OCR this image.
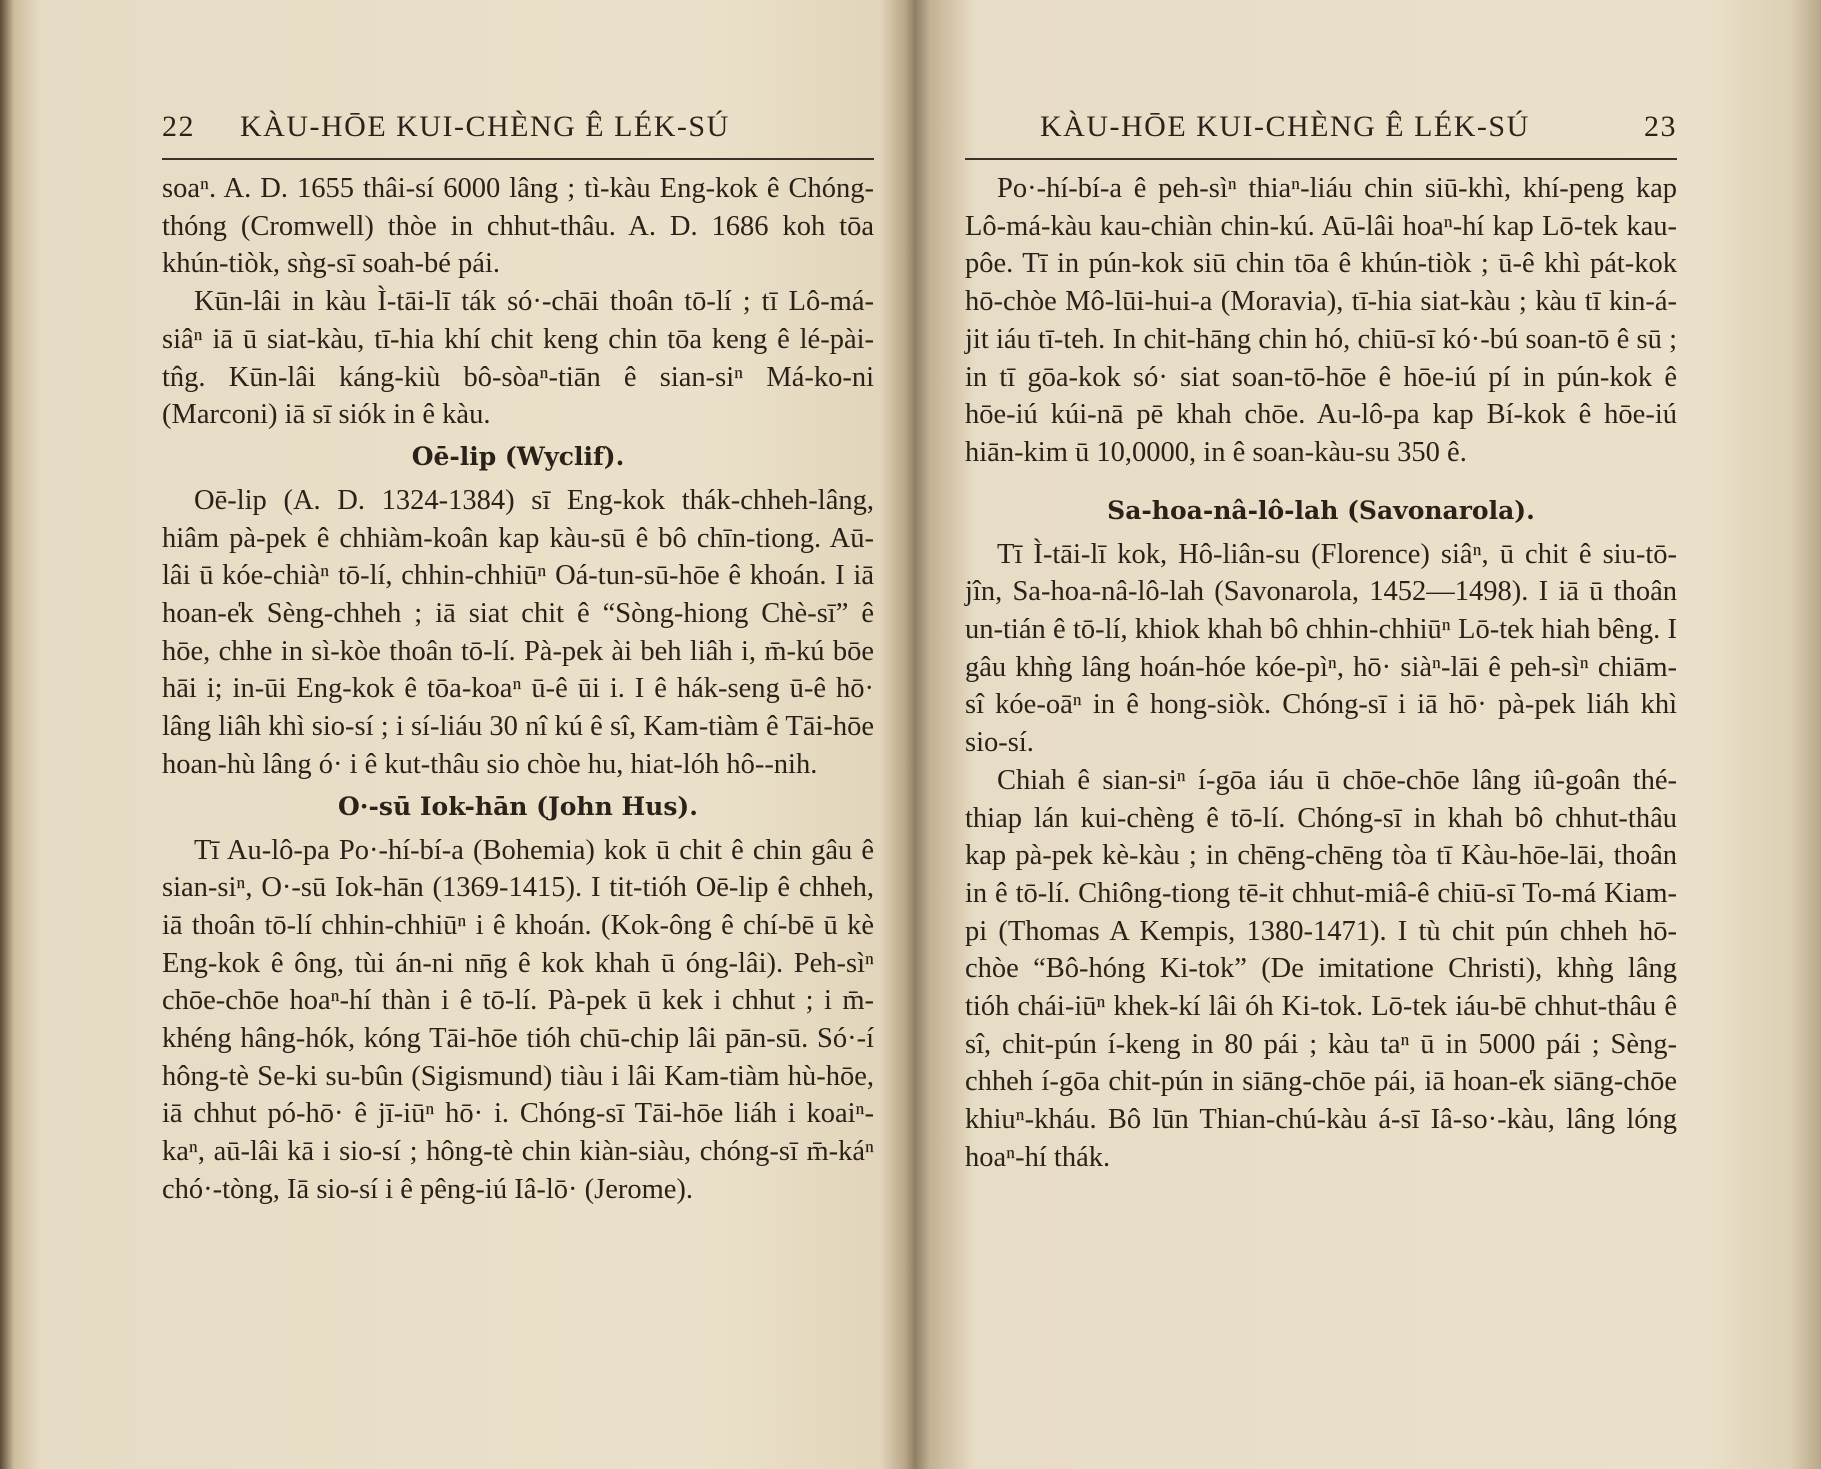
22 KÀU-HŌE KUI-CHÈNG Ê LÉK-SÚ

soaⁿ. A. D. 1655 thâi-sí 6000 lâng ; tì-kàu Eng-kok ê Chóng-thóng (Cromwell) thòe in chhut-thâu. A. D. 1686 koh tōa khún-tiòk, sǹg-sī soah-bé pái.

Kūn-lâi in kàu Ì-tāi-lī ták só·-chāi thoân tō-lí ; tī Lô-má-siâⁿ iā ū siat-kàu, tī-hia khí chit keng chin tōa keng ê lé-pài-tn̂g. Kūn-lâi káng-kiù bô-sòaⁿ-tiān ê sian-siⁿ Má-ko-ni (Marconi) iā sī siók in ê kàu.

Oē-lip (Wyclif).

Oē-lip (A. D. 1324-1384) sī Eng-kok thák-chheh-lâng, hiâm pà-pek ê chhiàm-koân kap kàu-sū ê bô chīn-tiong. Aū-lâi ū kóe-chiàⁿ tō-lí, chhin-chhiūⁿ Oá-tun-sū-hōe ê khoán. I iā hoan-e̍k Sèng-chheh ; iā siat chit ê “Sòng-hiong Chè-sī” ê hōe, chhe in sì-kòe thoân tō-lí. Pà-pek ài beh liâh i, m̄-kú bōe hāi i; in-ūi Eng-kok ê tōa-koaⁿ ū-ê ūi i. I ê hák-seng ū-ê hō· lâng liâh khì sio-sí ; i sí-liáu 30 nî kú ê sî, Kam-tiàm ê Tāi-hōe hoan-hù lâng ó· i ê kut-thâu sio chòe hu, hiat-lóh hô--nih.

O·-sū Iok-hān (John Hus).

Tī Au-lô-pa Po·-hí-bí-a (Bohemia) kok ū chit ê chin gâu ê sian-siⁿ, O·-sū Iok-hān (1369-1415). I tit-tióh Oē-lip ê chheh, iā thoân tō-lí chhin-chhiūⁿ i ê khoán. (Kok-ông ê chí-bē ū kè Eng-kok ê ông, tùi án-ni nn̄g ê kok khah ū óng-lâi). Peh-sìⁿ chōe-chōe hoaⁿ-hí thàn i ê tō-lí. Pà-pek ū kek i chhut ; i m̄-khéng hâng-hók, kóng Tāi-hōe tióh chū-chip lâi pān-sū. Só·-í hông-tè Se-ki su-bûn (Sigismund) tiàu i lâi Kam-tiàm hù-hōe, iā chhut pó-hō· ê jī-iūⁿ hō· i. Chóng-sī Tāi-hōe liáh i koaiⁿ-kaⁿ, aū-lâi kā i sio-sí ; hông-tè chin kiàn-siàu, chóng-sī m̄-káⁿ chó·-tòng, Iā sio-sí i ê pêng-iú Iâ-lō· (Jerome).

KÀU-HŌE KUI-CHÈNG Ê LÉK-SÚ	23

Po·-hí-bí-a ê peh-sìⁿ thiaⁿ-liáu chin siū-khì, khí-peng kap Lô-má-kàu kau-chiàn chin-kú. Aū-lâi hoaⁿ-hí kap Lō-tek kau-pôe. Tī in pún-kok siū chin tōa ê khún-tiòk ; ū-ê khì pát-kok hō-chòe Mô-lūi-hui-a (Moravia), tī-hia siat-kàu ; kàu tī kin-á-jit iáu tī-teh. In chit-hāng chin hó, chiū-sī kó·-bú soan-tō ê sū ; in tī gōa-kok só· siat soan-tō-hōe ê hōe-iú pí in pún-kok ê hōe-iú kúi-nā pē khah chōe. Au-lô-pa kap Bí-kok ê hōe-iú hiān-kim ū 10,0000, in ê soan-kàu-su 350 ê.

Sa-hoa-nâ-lô-lah (Savonarola).

Tī Ì-tāi-lī kok, Hô-liân-su (Florence) siâⁿ, ū chit ê siu-tō-jîn, Sa-hoa-nâ-lô-lah (Savonarola, 1452—1498). I iā ū thoân un-tián ê tō-lí, khiok khah bô chhin-chhiūⁿ Lō-tek hiah bêng. I gâu khǹg lâng hoán-hóe kóe-pìⁿ, hō· siàⁿ-lāi ê peh-sìⁿ chiām-sî kóe-oāⁿ in ê hong-siòk. Chóng-sī i iā hō· pà-pek liáh khì sio-sí.

Chiah ê sian-siⁿ í-gōa iáu ū chōe-chōe lâng iû-goân thé-thiap lán kui-chèng ê tō-lí. Chóng-sī in khah bô chhut-thâu kap pà-pek kè-kàu ; in chēng-chēng tòa tī Kàu-hōe-lāi, thoân in ê tō-lí. Chiông-tiong tē-it chhut-miâ-ê chiū-sī To-má Kiam-pi (Thomas A Kempis, 1380-1471). I tù chit pún chheh hō-chòe “Bô-hóng Ki-tok” (De imitatione Christi), khǹg lâng tióh chái-iūⁿ khek-kí lâi óh Ki-tok. Lō-tek iáu-bē chhut-thâu ê sî, chit-pún í-keng in 80 pái ; kàu taⁿ ū in 5000 pái ; Sèng-chheh í-gōa chit-pún in siāng-chōe pái, iā hoan-e̍k siāng-chōe khiuⁿ-kháu. Bô lūn Thian-chú-kàu á-sī Iâ-so·-kàu, lâng lóng hoaⁿ-hí thák.
